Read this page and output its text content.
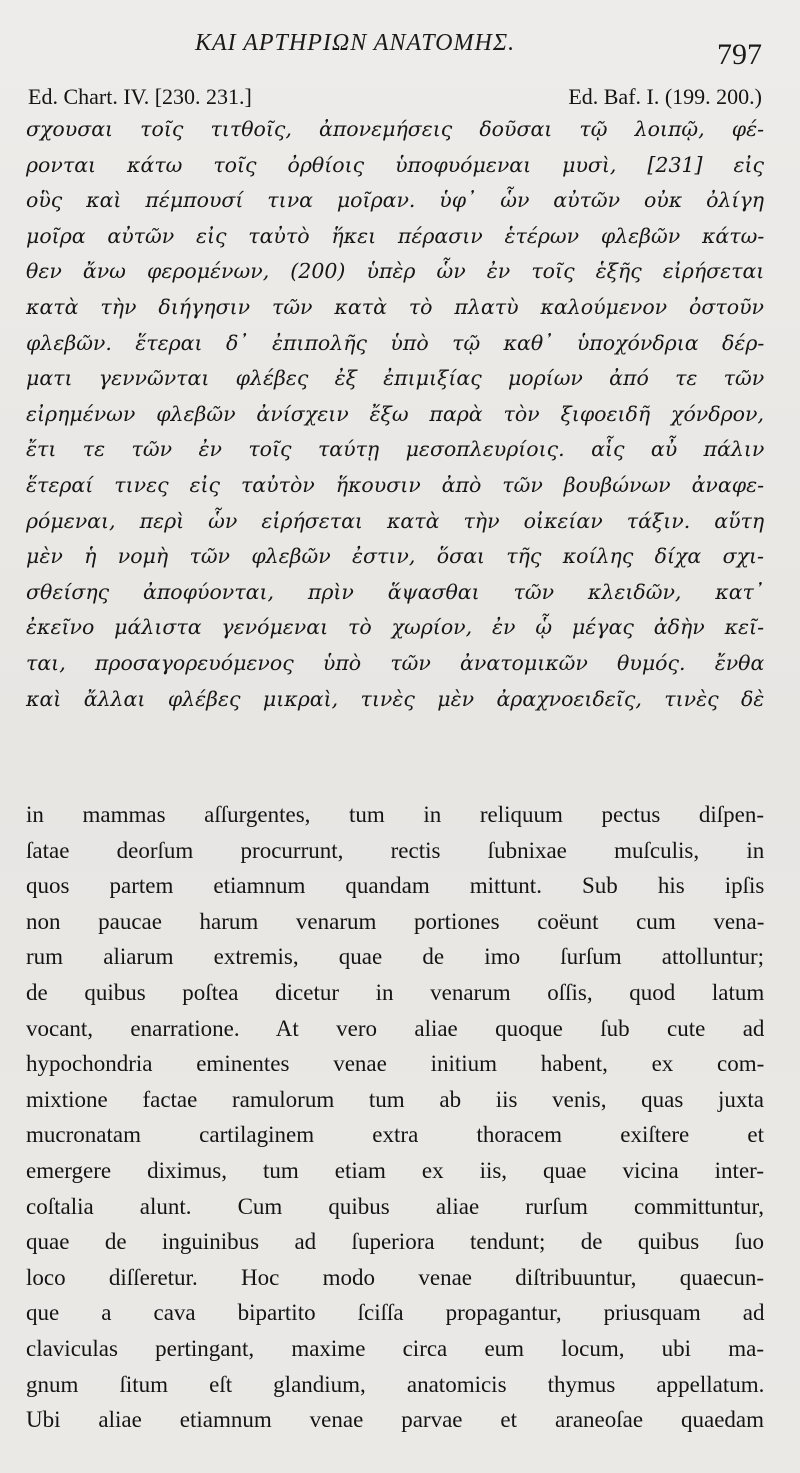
ΚΑΙ ΑΡΤΗΡΙΩΝ ΑΝΑΤΟΜΗΣ.	797
Ed. Chart. IV. [230. 231.]	Ed. Baf. I. (199. 200.)
σχουσαι τοῖς τιτθοῖς, ἀπονεμήσεις δοῦσαι τῷ λοιπῷ, φέ-
ρονται κάτω τοῖς ὀρθίοις ὑποφυόμεναι μυσὶ, [231] εἰς
οὓς καὶ πέμπουσί τινα μοῖραν. ὑφ᾿ ὧν αὐτῶν οὐκ ὀλίγη
μοῖρα αὐτῶν εἰς ταὐτὸ ἥκει πέρασιν ἑτέρων φλεβῶν κάτω-
θεν ἄνω φερομένων, (200) ὑπὲρ ὧν ἐν τοῖς ἑξῆς εἰρήσεται
κατὰ τὴν διήγησιν τῶν κατὰ τὸ πλατὺ καλούμενον ὀστοῦν
φλεβῶν. ἕτεραι δ᾿ ἐπιπολῆς ὑπὸ τῷ καθ᾿ ὑποχόνδρια δέρ-
ματι γεννῶνται φλέβες ἐξ ἐπιμιξίας μορίων ἀπό τε τῶν
εἰρημένων φλεβῶν ἀνίσχειν ἔξω παρὰ τὸν ξιφοειδῆ χόνδρον,
ἔτι τε τῶν ἐν τοῖς ταύτῃ μεσοπλευρίοις. αἷς αὖ πάλιν
ἕτεραί τινες εἰς ταὐτὸν ἥκουσιν ἀπὸ τῶν βουβώνων ἀναφε-
ρόμεναι, περὶ ὧν εἰρήσεται κατὰ τὴν οἰκείαν τάξιν. αὕτη
μὲν ἡ νομὴ τῶν φλεβῶν ἐστιν, ὅσαι τῆς κοίλης δίχα σχι-
σθείσης ἀποφύονται, πρὶν ἅψασθαι τῶν κλειδῶν, κατ᾿
ἐκεῖνο μάλιστα γενόμεναι τὸ χωρίον, ἐν ᾧ μέγας ἀδὴν κεῖ-
ται, προσαγορευόμενος ὑπὸ τῶν ἀνατομικῶν θυμός. ἔνθα
καὶ ἄλλαι φλέβες μικραὶ, τινὲς μὲν ἀραχνοειδεῖς, τινὲς δὲ
in mammas aſſurgentes, tum in reliquum pectus diſpen-
ſatae deorſum procurrunt, rectis ſubnixae muſculis, in
quos partem etiamnum quandam mittunt. Sub his ipſis
non paucae harum venarum portiones coëunt cum vena-
rum aliarum extremis, quae de imo ſurſum attolluntur;
de quibus poſtea dicetur in venarum oſſis, quod latum
vocant, enarratione. At vero aliae quoque ſub cute ad
hypochondria eminentes venae initium habent, ex com-
mixtione factae ramulorum tum ab iis venis, quas juxta
mucronatam cartilaginem extra thoracem exiſtere et
emergere diximus, tum etiam ex iis, quae vicina inter-
coſtalia alunt. Cum quibus aliae rurſum committuntur,
quae de inguinibus ad ſuperiora tendunt; de quibus ſuo
loco diſſeretur. Hoc modo venae diſtribuuntur, quaecun-
que a cava bipartito ſciſſa propagantur, priusquam ad
claviculas pertingant, maxime circa eum locum, ubi ma-
gnum ſitum eſt glandium, anatomicis thymus appellatum.
Ubi aliae etiamnum venae parvae et araneoſae quaedam
